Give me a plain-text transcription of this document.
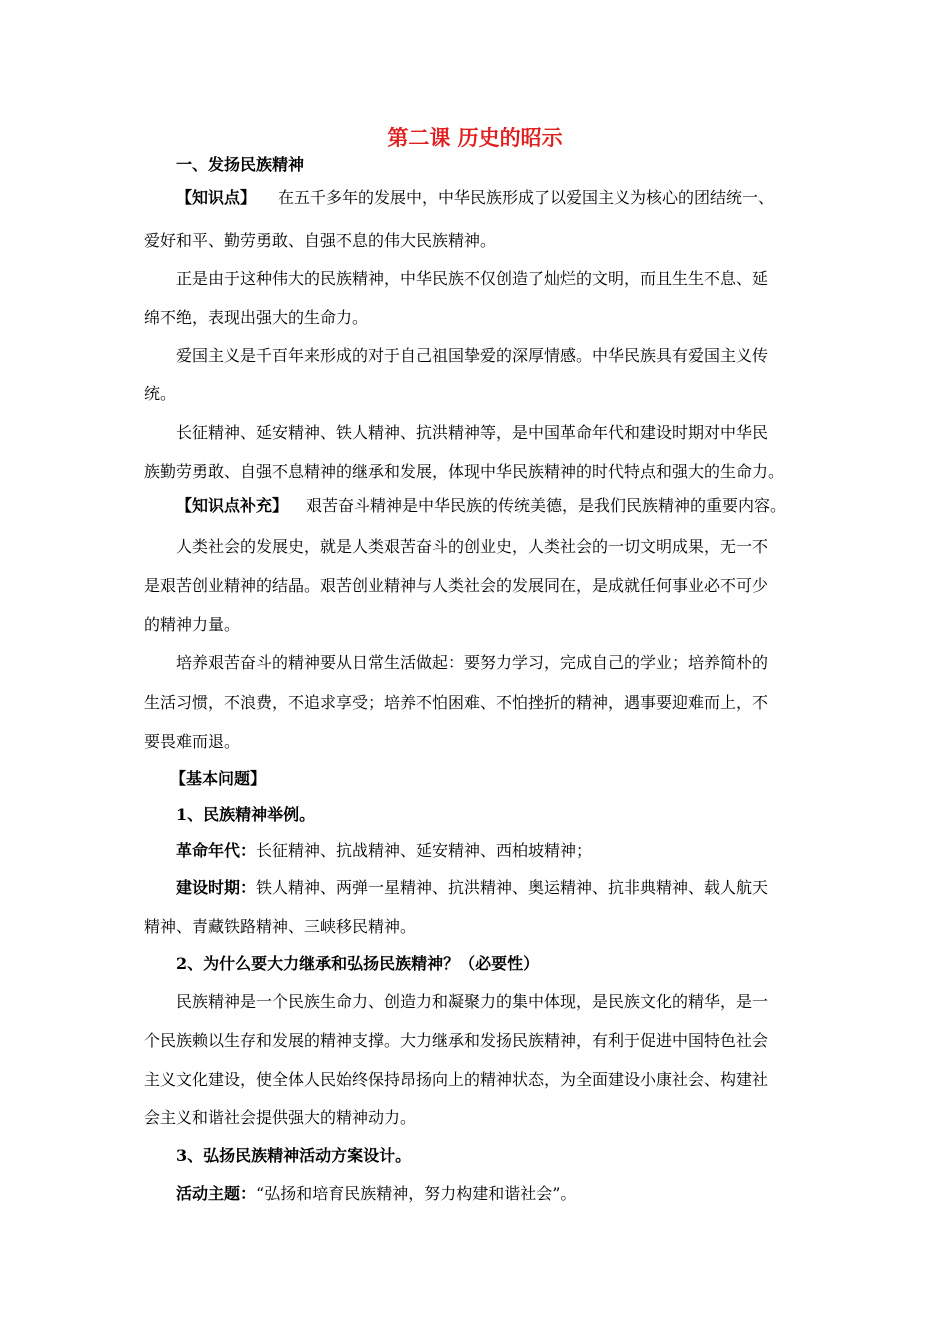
第二课 历史的昭示
一、发扬民族精神
【知识点】 在五千多年的发展中，中华民族形成了以爱国主义为核心的团结统一、
爱好和平、勤劳勇敢、自强不息的伟大民族精神。
正是由于这种伟大的民族精神，中华民族不仅创造了灿烂的文明，而且生生不息、延
绵不绝，表现出强大的生命力。
爱国主义是千百年来形成的对于自己祖国挚爱的深厚情感。中华民族具有爱国主义传
统。
长征精神、延安精神、铁人精神、抗洪精神等，是中国革命年代和建设时期对中华民
族勤劳勇敢、自强不息精神的继承和发展，体现中华民族精神的时代特点和强大的生命力。
【知识点补充】 艰苦奋斗精神是中华民族的传统美德，是我们民族精神的重要内容。
人类社会的发展史，就是人类艰苦奋斗的创业史，人类社会的一切文明成果，无一不
是艰苦创业精神的结晶。艰苦创业精神与人类社会的发展同在，是成就任何事业必不可少
的精神力量。
培养艰苦奋斗的精神要从日常生活做起：要努力学习，完成自己的学业；培养简朴的
生活习惯，不浪费，不追求享受；培养不怕困难、不怕挫折的精神，遇事要迎难而上，不
要畏难而退。
【基本问题】
1、民族精神举例。
革命年代：长征精神、抗战精神、延安精神、西柏坡精神；
建设时期：铁人精神、两弹一星精神、抗洪精神、奥运精神、抗非典精神、载人航天
精神、青藏铁路精神、三峡移民精神。
2、为什么要大力继承和弘扬民族精神？（必要性）
民族精神是一个民族生命力、创造力和凝聚力的集中体现，是民族文化的精华，是一
个民族赖以生存和发展的精神支撑。大力继承和发扬民族精神，有利于促进中国特色社会
主义文化建设，使全体人民始终保持昂扬向上的精神状态，为全面建设小康社会、构建社
会主义和谐社会提供强大的精神动力。
3、弘扬民族精神活动方案设计。
活动主题：“弘扬和培育民族精神，努力构建和谐社会”。
